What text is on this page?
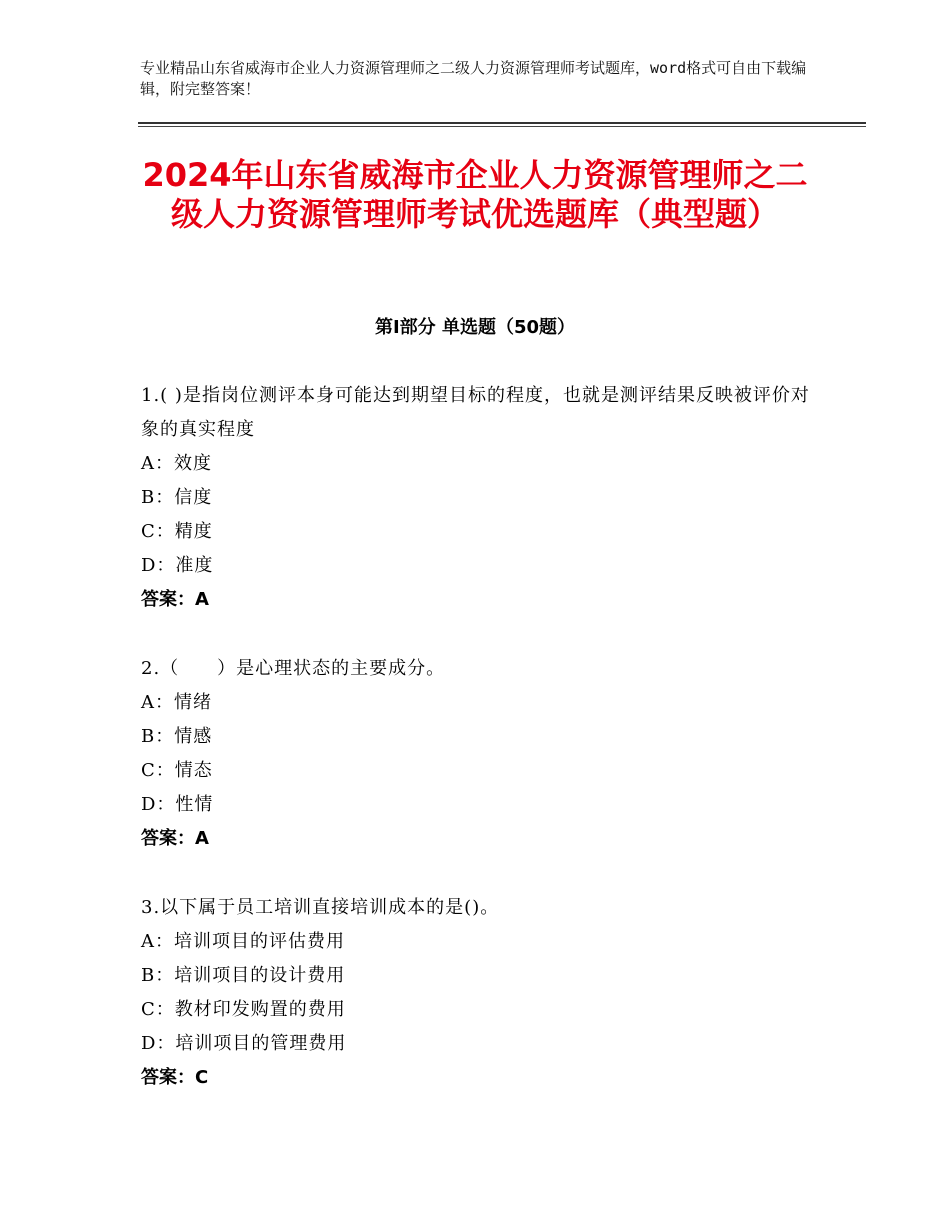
专业精品山东省威海市企业人力资源管理师之二级人力资源管理师考试题库，word格式可自由下载编辑，附完整答案！
2024年山东省威海市企业人力资源管理师之二级人力资源管理师考试优选题库（典型题）
第Ⅰ部分 单选题（50题）
1.( )是指岗位测评本身可能达到期望目标的程度，也就是测评结果反映被评价对象的真实程度
A：效度
B：信度
C：精度
D：准度
答案：A
2.（　　）是心理状态的主要成分。
A：情绪
B：情感
C：情态
D：性情
答案：A
3.以下属于员工培训直接培训成本的是()。
A：培训项目的评估费用
B：培训项目的设计费用
C：教材印发购置的费用
D：培训项目的管理费用
答案：C
